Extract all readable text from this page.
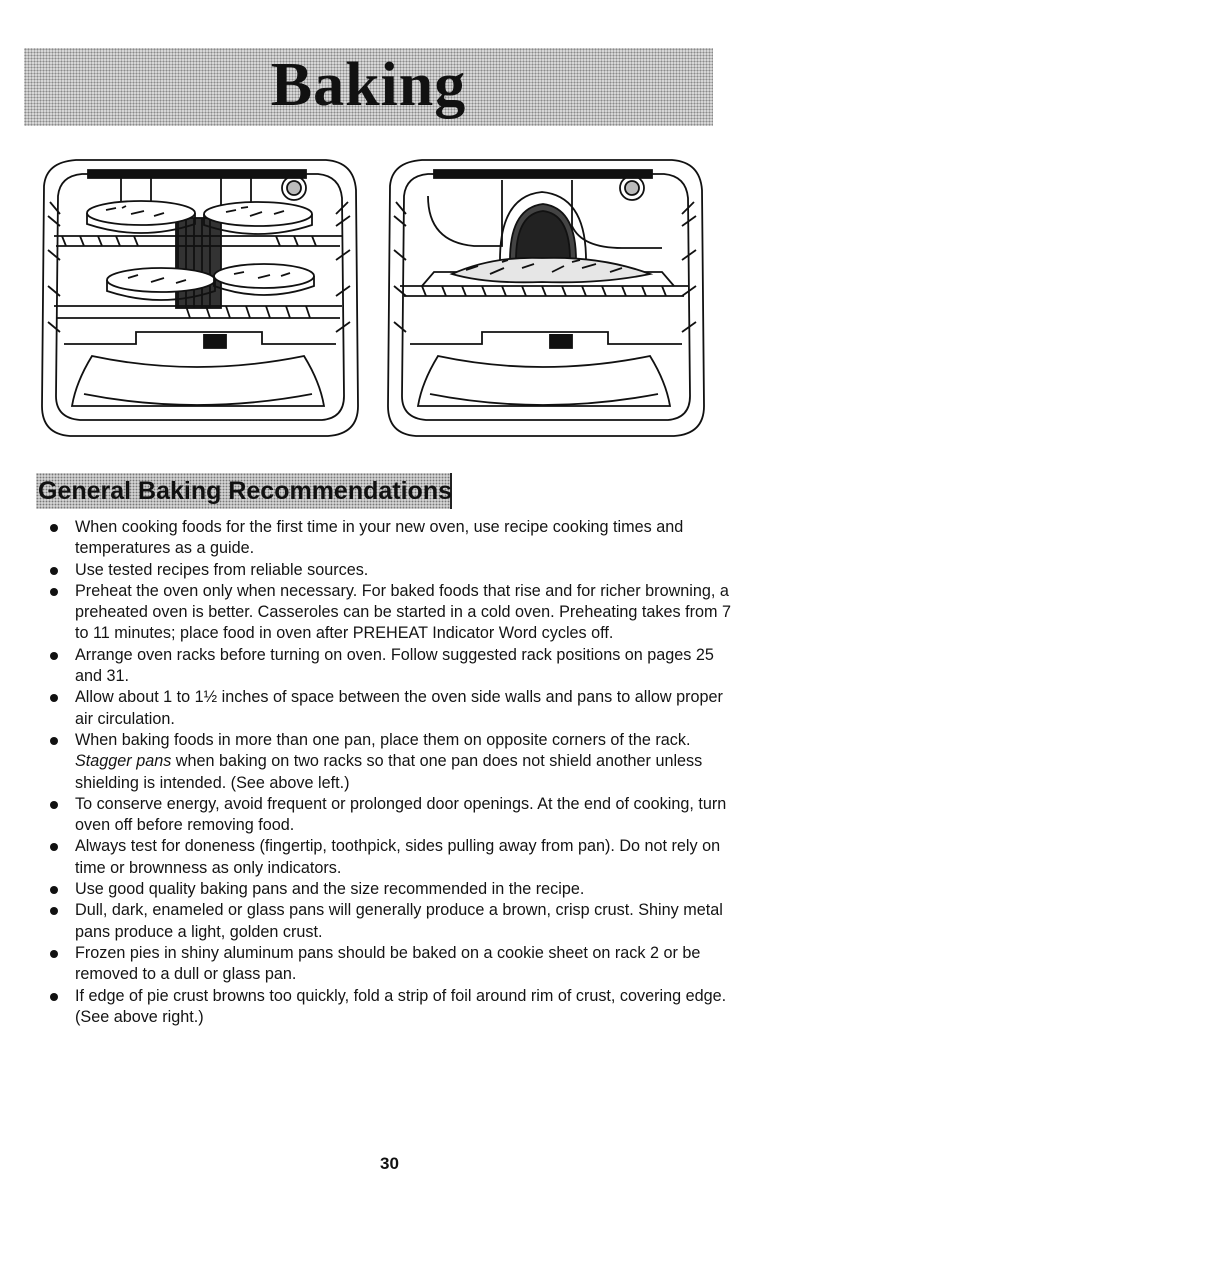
Baking
General Baking Recommendations
When cooking foods for the first time in your new oven, use recipe cooking times and temperatures as a guide.
Use tested recipes from reliable sources.
Preheat the oven only when necessary. For baked foods that rise and for richer browning, a preheated oven is better. Casseroles can be started in a cold oven. Preheating takes from 7 to 11 minutes; place food in oven after PREHEAT Indicator Word cycles off.
Arrange oven racks before turning on oven. Follow suggested rack positions on pages 25 and 31.
Allow about 1 to 1½ inches of space between the oven side walls and pans to allow proper air circulation.
When baking foods in more than one pan, place them on opposite corners of the rack. Stagger pans when baking on two racks so that one pan does not shield another unless shielding is intended. (See above left.)
To conserve energy, avoid frequent or prolonged door openings. At the end of cooking, turn oven off before removing food.
Always test for doneness (fingertip, toothpick, sides pulling away from pan). Do not rely on time or brownness as only indicators.
Use good quality baking pans and the size recommended in the recipe.
Dull, dark, enameled or glass pans will generally produce a brown, crisp crust. Shiny metal pans produce a light, golden crust.
Frozen pies in shiny aluminum pans should be baked on a cookie sheet on rack 2 or be removed to a dull or glass pan.
If edge of pie crust browns too quickly, fold a strip of foil around rim of crust, covering edge. (See above right.)
30
